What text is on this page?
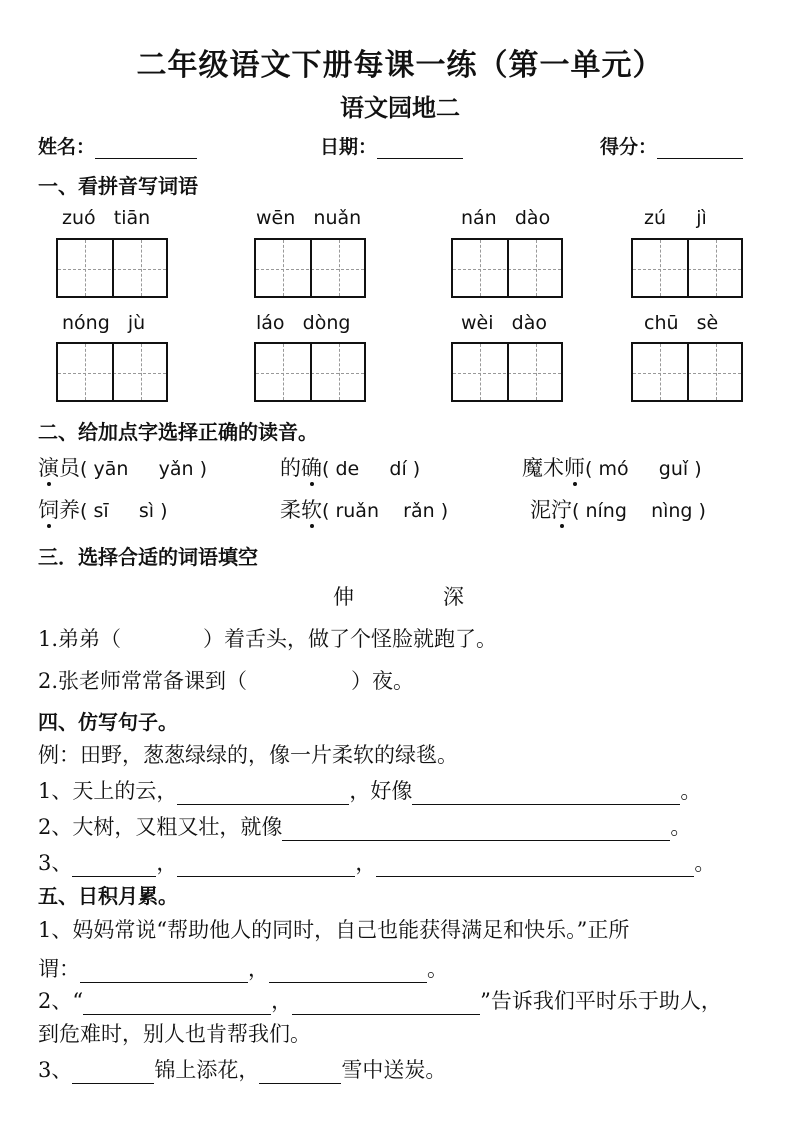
二年级语文下册每课一练（第一单元）
语文园地二
姓名：	日期：	得分：
一、看拼音写词语
zuó tiān	wēn nuǎn	nán dào	zú jì
nóng jù	láo dòng	wèi dào	chū sè
二、给加点字选择正确的读音。
演员( yān yǎn )	的确( de dí )	魔术师( mó guǐ )
饲养( sī sì )	柔软( ruǎn rǎn )	泥泞( níng nìng )
三．选择合适的词语填空
伸	深
1.弟弟（	）着舌头，做了个怪脸就跑了。
2.张老师常常备课到（	）夜。
四、仿写句子。
例：田野，葱葱绿绿的，像一片柔软的绿毯。
1、天上的云，	，好像	。
2、大树，又粗又壮，就像	。
3、	，	，	。
五、日积月累。
1、妈妈常说“帮助他人的同时，自己也能获得满足和快乐。”正所
谓：	，	。
2、“	，	”告诉我们平时乐于助人，
到危难时，别人也肯帮我们。
3、	锦上添花，	雪中送炭。
